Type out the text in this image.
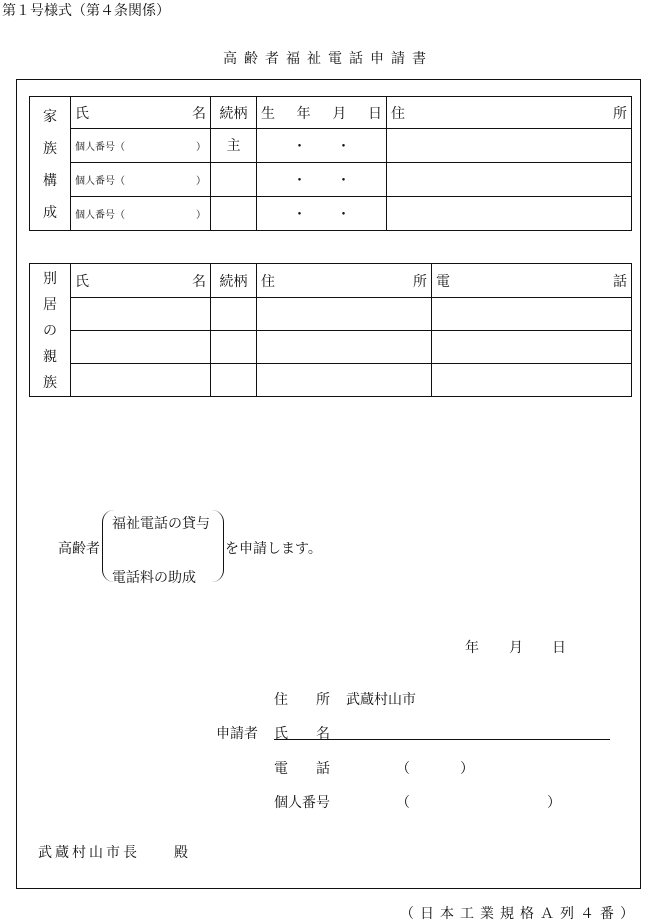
第１号様式（第４条関係）
高齢者福祉電話申請書
家
族
構
成	氏 名	続柄	生 年 月 日	住 所

	個人番号（ ）	主	・・	

	個人番号（ ）		・・	

	個人番号（ ）		・・	
別
居
の
親
族	氏 名	続柄	住 所	電 話

高齢者
福祉電話の貸与
電話料の助成
を申請します。
年 月 日
住　　所 武蔵村山市
申請者 氏　　名
電　　話	（	）
個人番号	（	）
武蔵村山市長　　殿
（日本工業規格Ａ列４番）
